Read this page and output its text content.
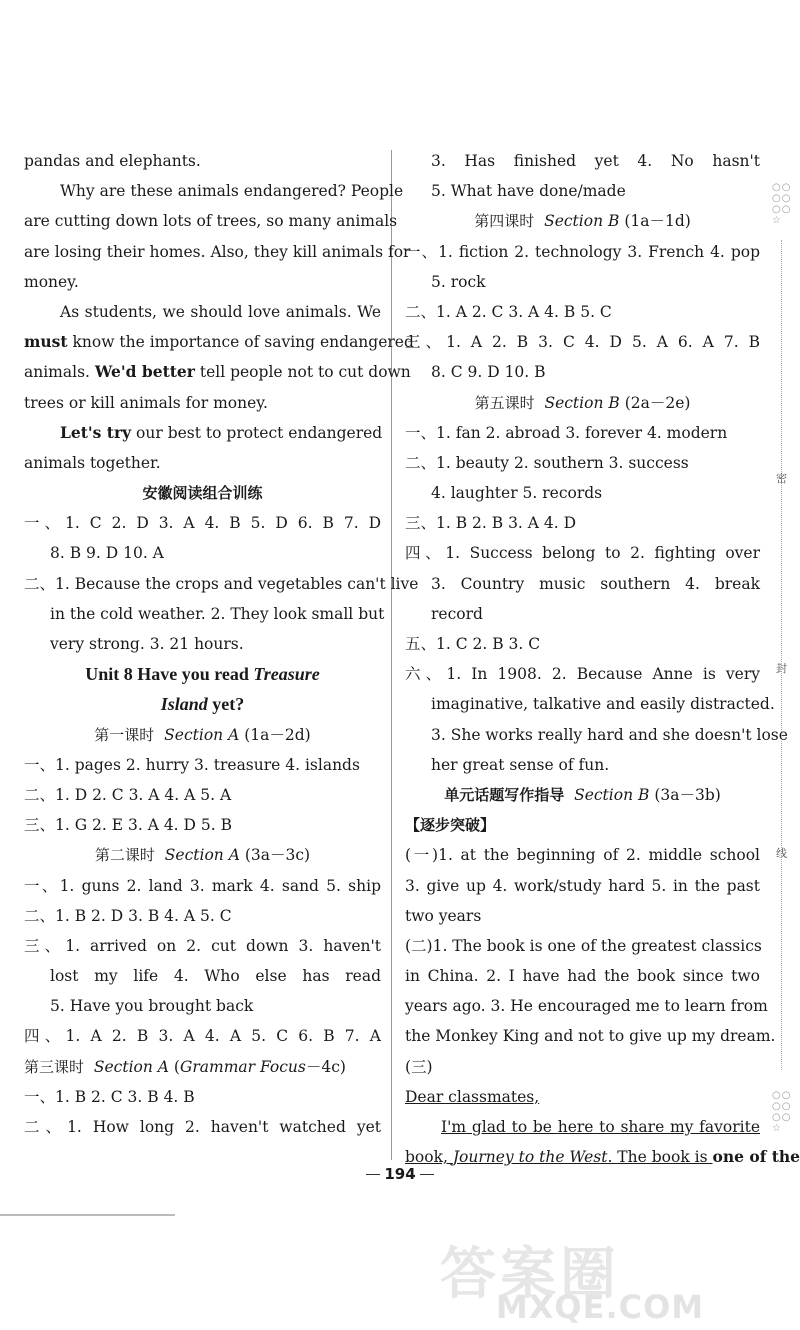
pandas and elephants.
Why are these animals endangered? People
are cutting down lots of trees, so many animals
are losing their homes. Also, they kill animals for
money.
As students, we should love animals. We
must know the importance of saving endangered
animals. We'd better tell people not to cut down
trees or kill animals for money.
Let's try our best to protect endangered
animals together.
安徽阅读组合训练
一、1. C 2. D 3. A 4. B 5. D 6. B 7. D
8. B 9. D 10. A
二、1. Because the crops and vegetables can't live
in the cold weather. 2. They look small but
very strong. 3. 21 hours.
Unit 8 Have you read Treasure
Island yet?
第一课时 Section A (1a－2d)
一、1. pages 2. hurry 3. treasure 4. islands
二、1. D 2. C 3. A 4. A 5. A
三、1. G 2. E 3. A 4. D 5. B
第二课时 Section A (3a－3c)
一、1. guns 2. land 3. mark 4. sand 5. ship
二、1. B 2. D 3. B 4. A 5. C
三、1. arrived on 2. cut down 3. haven't
lost my life 4. Who else has read
5. Have you brought back
四、1. A 2. B 3. A 4. A 5. C 6. B 7. A
第三课时 Section A (Grammar Focus－4c)
一、1. B 2. C 3. B 4. B
二、1. How long 2. haven't watched yet
3. Has finished yet 4. No hasn't
5. What have done/made
第四课时 Section B (1a－1d)
一、1. fiction 2. technology 3. French 4. pop
5. rock
二、1. A 2. C 3. A 4. B 5. C
三、1. A 2. B 3. C 4. D 5. A 6. A 7. B
8. C 9. D 10. B
第五课时 Section B (2a－2e)
一、1. fan 2. abroad 3. forever 4. modern
二、1. beauty 2. southern 3. success
4. laughter 5. records
三、1. B 2. B 3. A 4. D
四、1. Success belong to 2. fighting over
3. Country music southern 4. break
record
五、1. C 2. B 3. C
六、1. In 1908. 2. Because Anne is very
imaginative, talkative and easily distracted.
3. She works really hard and she doesn't lose
her great sense of fun.
单元话题写作指导 Section B (3a－3b)
【逐步突破】
(一)1. at the beginning of 2. middle school
3. give up 4. work/study hard 5. in the past
two years
(二)1. The book is one of the greatest classics
in China. 2. I have had the book since two
years ago. 3. He encouraged me to learn from
the Monkey King and not to give up my dream.
(三)
Dear classmates,
I'm glad to be here to share my favorite
book, Journey to the West. The book is one of the
194
○○
○○
○○
☆
密
封
线
○○
○○
○○
☆
答案圈
MXQE.COM
